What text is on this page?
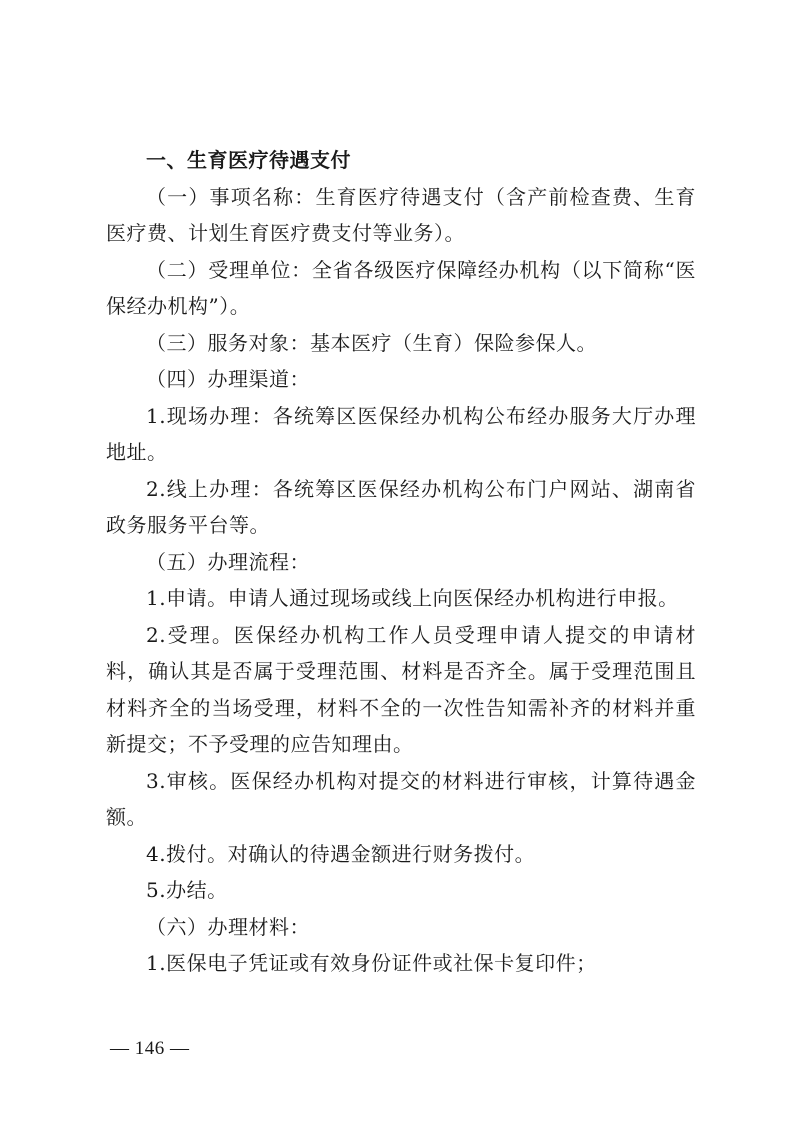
一、生育医疗待遇支付

（一）事项名称：生育医疗待遇支付（含产前检查费、生育医疗费、计划生育医疗费支付等业务）。

（二）受理单位：全省各级医疗保障经办机构（以下简称“医保经办机构”）。

（三）服务对象：基本医疗（生育）保险参保人。

（四）办理渠道：

1.现场办理：各统筹区医保经办机构公布经办服务大厅办理地址。

2.线上办理：各统筹区医保经办机构公布门户网站、湖南省政务服务平台等。

（五）办理流程：

1.申请。申请人通过现场或线上向医保经办机构进行申报。

2.受理。医保经办机构工作人员受理申请人提交的申请材料，确认其是否属于受理范围、材料是否齐全。属于受理范围且材料齐全的当场受理，材料不全的一次性告知需补齐的材料并重新提交；不予受理的应告知理由。

3.审核。医保经办机构对提交的材料进行审核，计算待遇金额。

4.拨付。对确认的待遇金额进行财务拨付。

5.办结。

（六）办理材料：

1.医保电子凭证或有效身份证件或社保卡复印件；

— 146 —
